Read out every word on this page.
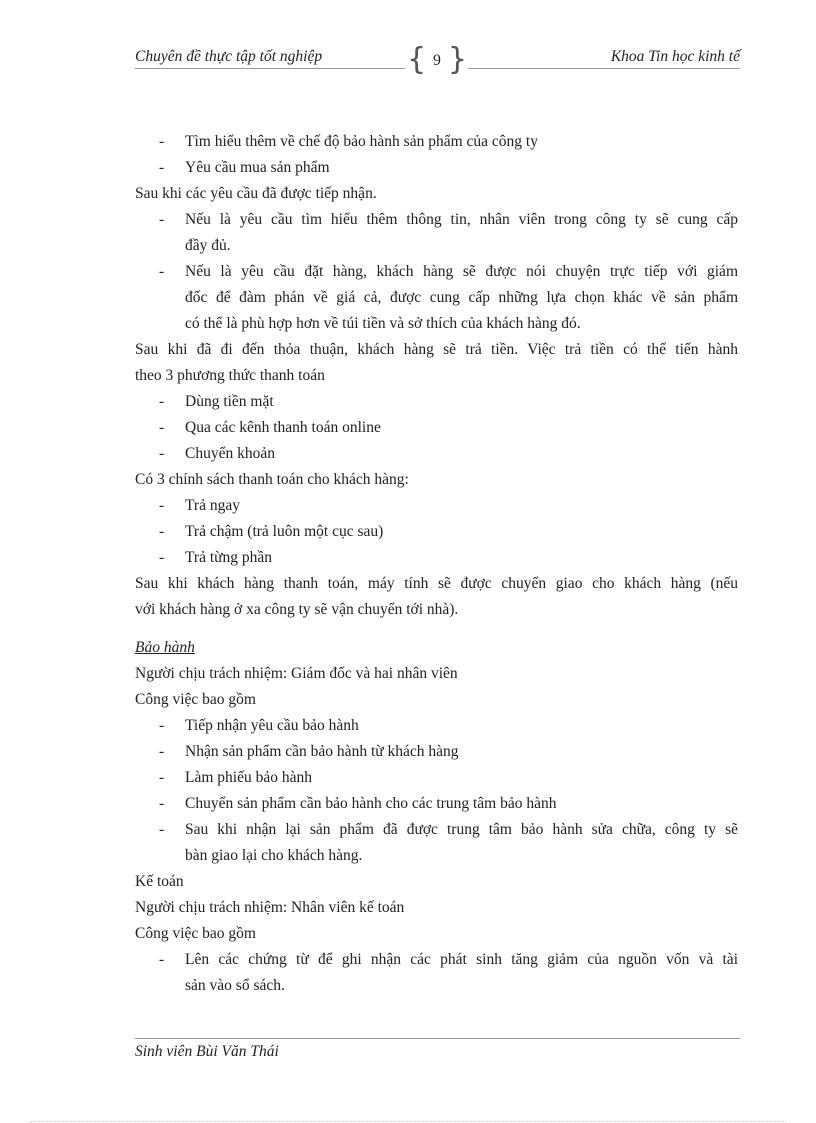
Chuyên đề thực tập tốt nghiệp	{ 9 }	Khoa Tin học kinh tế
- Tìm hiểu thêm về chế độ bảo hành sản phẩm của công ty
- Yêu cầu mua sản phẩm
Sau khi các yêu cầu đã được tiếp nhận.
- Nếu là yêu cầu tìm hiểu thêm thông tin, nhân viên trong công ty sẽ cung cấp
đầy đủ.
- Nếu là yêu cầu đặt hàng, khách hàng sẽ được nói chuyện trực tiếp với giám
đốc để đàm phán về giá cả, được cung cấp những lựa chọn khác về sản phẩm
có thể là phù hợp hơn về túi tiền và sở thích của khách hàng đó.
Sau khi đã đi đến thỏa thuận, khách hàng sẽ trả tiền. Việc trả tiền có thể tiến hành
theo 3 phương thức thanh toán
- Dùng tiền mặt
- Qua các kênh thanh toán online
- Chuyển khoản
Có 3 chính sách thanh toán cho khách hàng:
- Trả ngay
- Trả chậm (trả luôn một cục sau)
- Trả từng phần
Sau khi khách hàng thanh toán, máy tính sẽ được chuyển giao cho khách hàng (nếu
với khách hàng ở xa công ty sẽ vận chuyển tới nhà).
Bảo hành
Người chịu trách nhiệm: Giám đốc và hai nhân viên
Công việc bao gồm
- Tiếp nhận yêu cầu bảo hành
- Nhận sản phẩm cần bảo hành từ khách hàng
- Làm phiếu bảo hành
- Chuyển sản phẩm cần bảo hành cho các trung tâm bảo hành
- Sau khi nhận lại sản phẩm đã được trung tâm bảo hành sửa chữa, công ty sẽ
bàn giao lại cho khách hàng.
Kế toán
Người chịu trách nhiệm: Nhân viên kế toán
Công việc bao gồm
- Lên các chứng từ để ghi nhận các phát sinh tăng giảm của nguồn vốn và tài
sản vào sổ sách.
Sinh viên Bùi Văn Thái
